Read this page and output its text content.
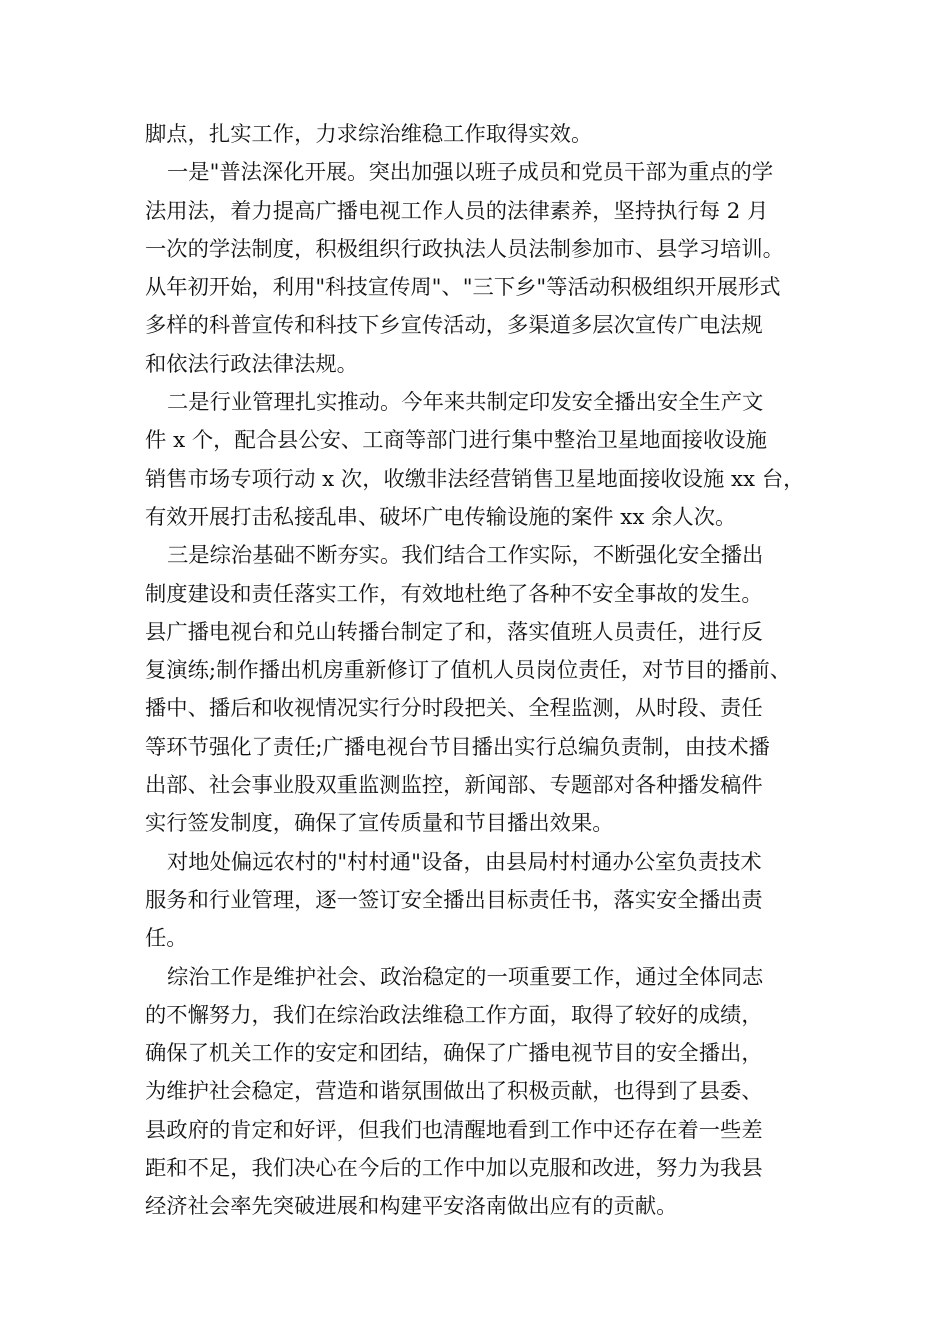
脚点，扎实工作，力求综治维稳工作取得实效。
一是"普法深化开展。突出加强以班子成员和党员干部为重点的学
法用法，着力提高广播电视工作人员的法律素养，坚持执行每 2 月
一次的学法制度，积极组织行政执法人员法制参加市、县学习培训。
从年初开始，利用"科技宣传周"、"三下乡"等活动积极组织开展形式
多样的科普宣传和科技下乡宣传活动，多渠道多层次宣传广电法规
和依法行政法律法规。
二是行业管理扎实推动。今年来共制定印发安全播出安全生产文
件 x 个，配合县公安、工商等部门进行集中整治卫星地面接收设施
销售市场专项行动 x 次，收缴非法经营销售卫星地面接收设施 xx 台，
有效开展打击私接乱串、破坏广电传输设施的案件 xx 余人次。
三是综治基础不断夯实。我们结合工作实际，不断强化安全播出
制度建设和责任落实工作，有效地杜绝了各种不安全事故的发生。
县广播电视台和兑山转播台制定了和，落实值班人员责任，进行反
复演练;制作播出机房重新修订了值机人员岗位责任，对节目的播前、
播中、播后和收视情况实行分时段把关、全程监测，从时段、责任
等环节强化了责任;广播电视台节目播出实行总编负责制，由技术播
出部、社会事业股双重监测监控，新闻部、专题部对各种播发稿件
实行签发制度，确保了宣传质量和节目播出效果。
对地处偏远农村的"村村通"设备，由县局村村通办公室负责技术
服务和行业管理，逐一签订安全播出目标责任书，落实安全播出责
任。
综治工作是维护社会、政治稳定的一项重要工作，通过全体同志
的不懈努力，我们在综治政法维稳工作方面，取得了较好的成绩，
确保了机关工作的安定和团结，确保了广播电视节目的安全播出，
为维护社会稳定，营造和谐氛围做出了积极贡献，也得到了县委、
县政府的肯定和好评，但我们也清醒地看到工作中还存在着一些差
距和不足，我们决心在今后的工作中加以克服和改进，努力为我县
经济社会率先突破进展和构建平安洛南做出应有的贡献。
